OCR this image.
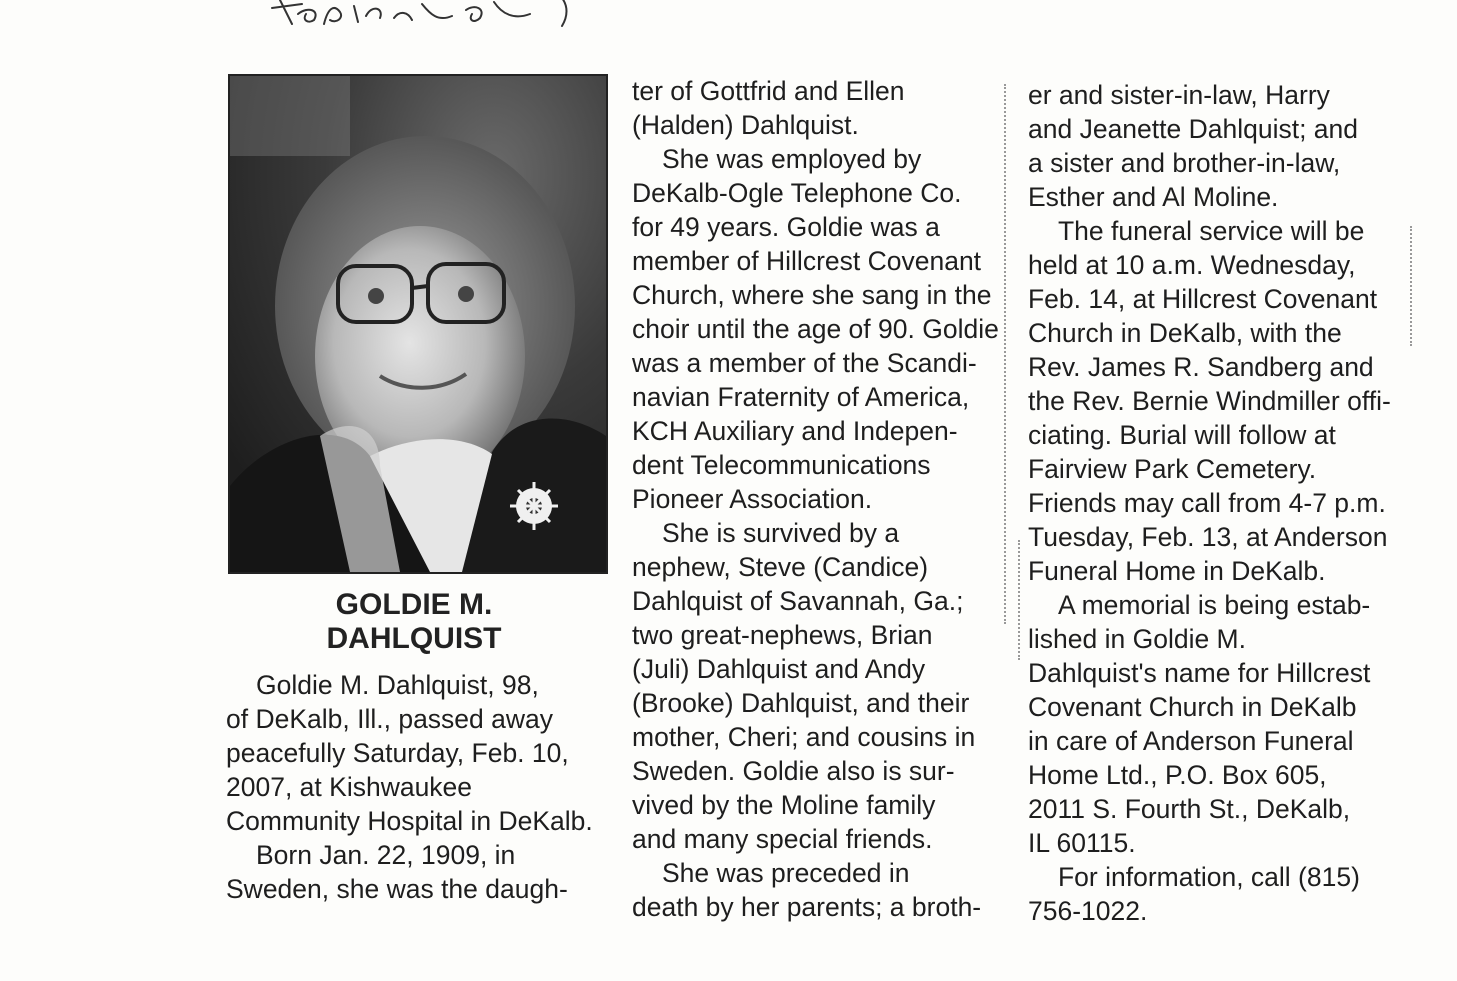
GOLDIE M.
DAHLQUIST
Goldie M. Dahlquist, 98,
of DeKalb, Ill., passed away
peacefully Saturday, Feb. 10,
2007, at Kishwaukee
Community Hospital in DeKalb.
Born Jan. 22, 1909, in
Sweden, she was the daugh-
ter of Gottfrid and Ellen
(Halden) Dahlquist.
She was employed by
DeKalb-Ogle Telephone Co.
for 49 years. Goldie was a
member of Hillcrest Covenant
Church, where she sang in the
choir until the age of 90. Goldie
was a member of the Scandi-
navian Fraternity of America,
KCH Auxiliary and Indepen-
dent Telecommunications
Pioneer Association.
She is survived by a
nephew, Steve (Candice)
Dahlquist of Savannah, Ga.;
two great-nephews, Brian
(Juli) Dahlquist and Andy
(Brooke) Dahlquist, and their
mother, Cheri; and cousins in
Sweden. Goldie also is sur-
vived by the Moline family
and many special friends.
She was preceded in
death by her parents; a broth-
er and sister-in-law, Harry
and Jeanette Dahlquist; and
a sister and brother-in-law,
Esther and Al Moline.
The funeral service will be
held at 10 a.m. Wednesday,
Feb. 14, at Hillcrest Covenant
Church in DeKalb, with the
Rev. James R. Sandberg and
the Rev. Bernie Windmiller offi-
ciating. Burial will follow at
Fairview Park Cemetery.
Friends may call from 4-7 p.m.
Tuesday, Feb. 13, at Anderson
Funeral Home in DeKalb.
A memorial is being estab-
lished in Goldie M.
Dahlquist's name for Hillcrest
Covenant Church in DeKalb
in care of Anderson Funeral
Home Ltd., P.O. Box 605,
2011 S. Fourth St., DeKalb,
IL 60115.
For information, call (815)
756-1022.
